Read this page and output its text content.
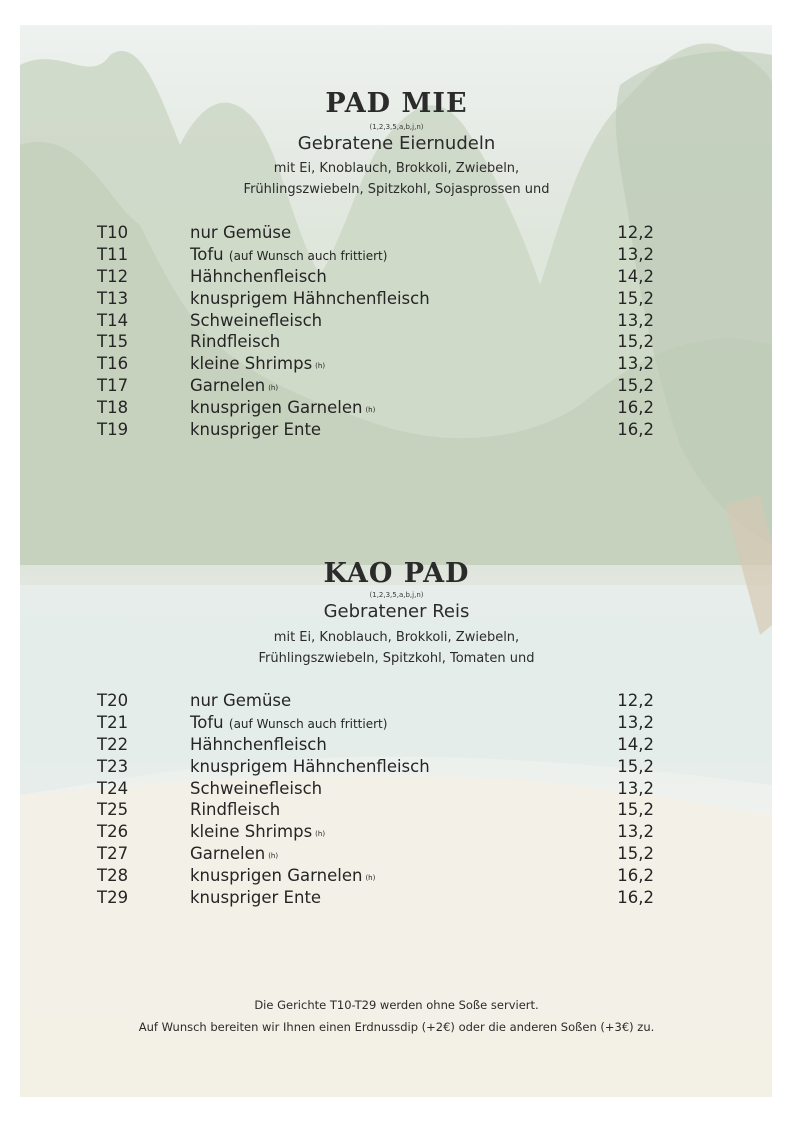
PAD MIE
(1,2,3,5,a,b,j,n)
Gebratene Eiernudeln
mit Ei, Knoblauch, Brokkoli, Zwiebeln,
Frühlingszwiebeln, Spitzkohl, Sojasprossen und
T10	nur Gemüse	12,2
T11	Tofu (auf Wunsch auch frittiert)	13,2
T12	Hähnchenfleisch	14,2
T13	knusprigem Hähnchenfleisch	15,2
T14	Schweinefleisch	13,2
T15	Rindfleisch	15,2
T16	kleine Shrimps (h)	13,2
T17	Garnelen (h)	15,2
T18	knusprigen Garnelen (h)	16,2
T19	knuspriger Ente	16,2
KAO PAD
(1,2,3,5,a,b,j,n)
Gebratener Reis
mit Ei, Knoblauch, Brokkoli, Zwiebeln,
Frühlingszwiebeln, Spitzkohl, Tomaten und
T20	nur Gemüse	12,2
T21	Tofu (auf Wunsch auch frittiert)	13,2
T22	Hähnchenfleisch	14,2
T23	knusprigem Hähnchenfleisch	15,2
T24	Schweinefleisch	13,2
T25	Rindfleisch	15,2
T26	kleine Shrimps (h)	13,2
T27	Garnelen (h)	15,2
T28	knusprigen Garnelen (h)	16,2
T29	knuspriger Ente	16,2
Die Gerichte T10-T29 werden ohne Soße serviert.
Auf Wunsch bereiten wir Ihnen einen Erdnussdip (+2€) oder die anderen Soßen (+3€) zu.
